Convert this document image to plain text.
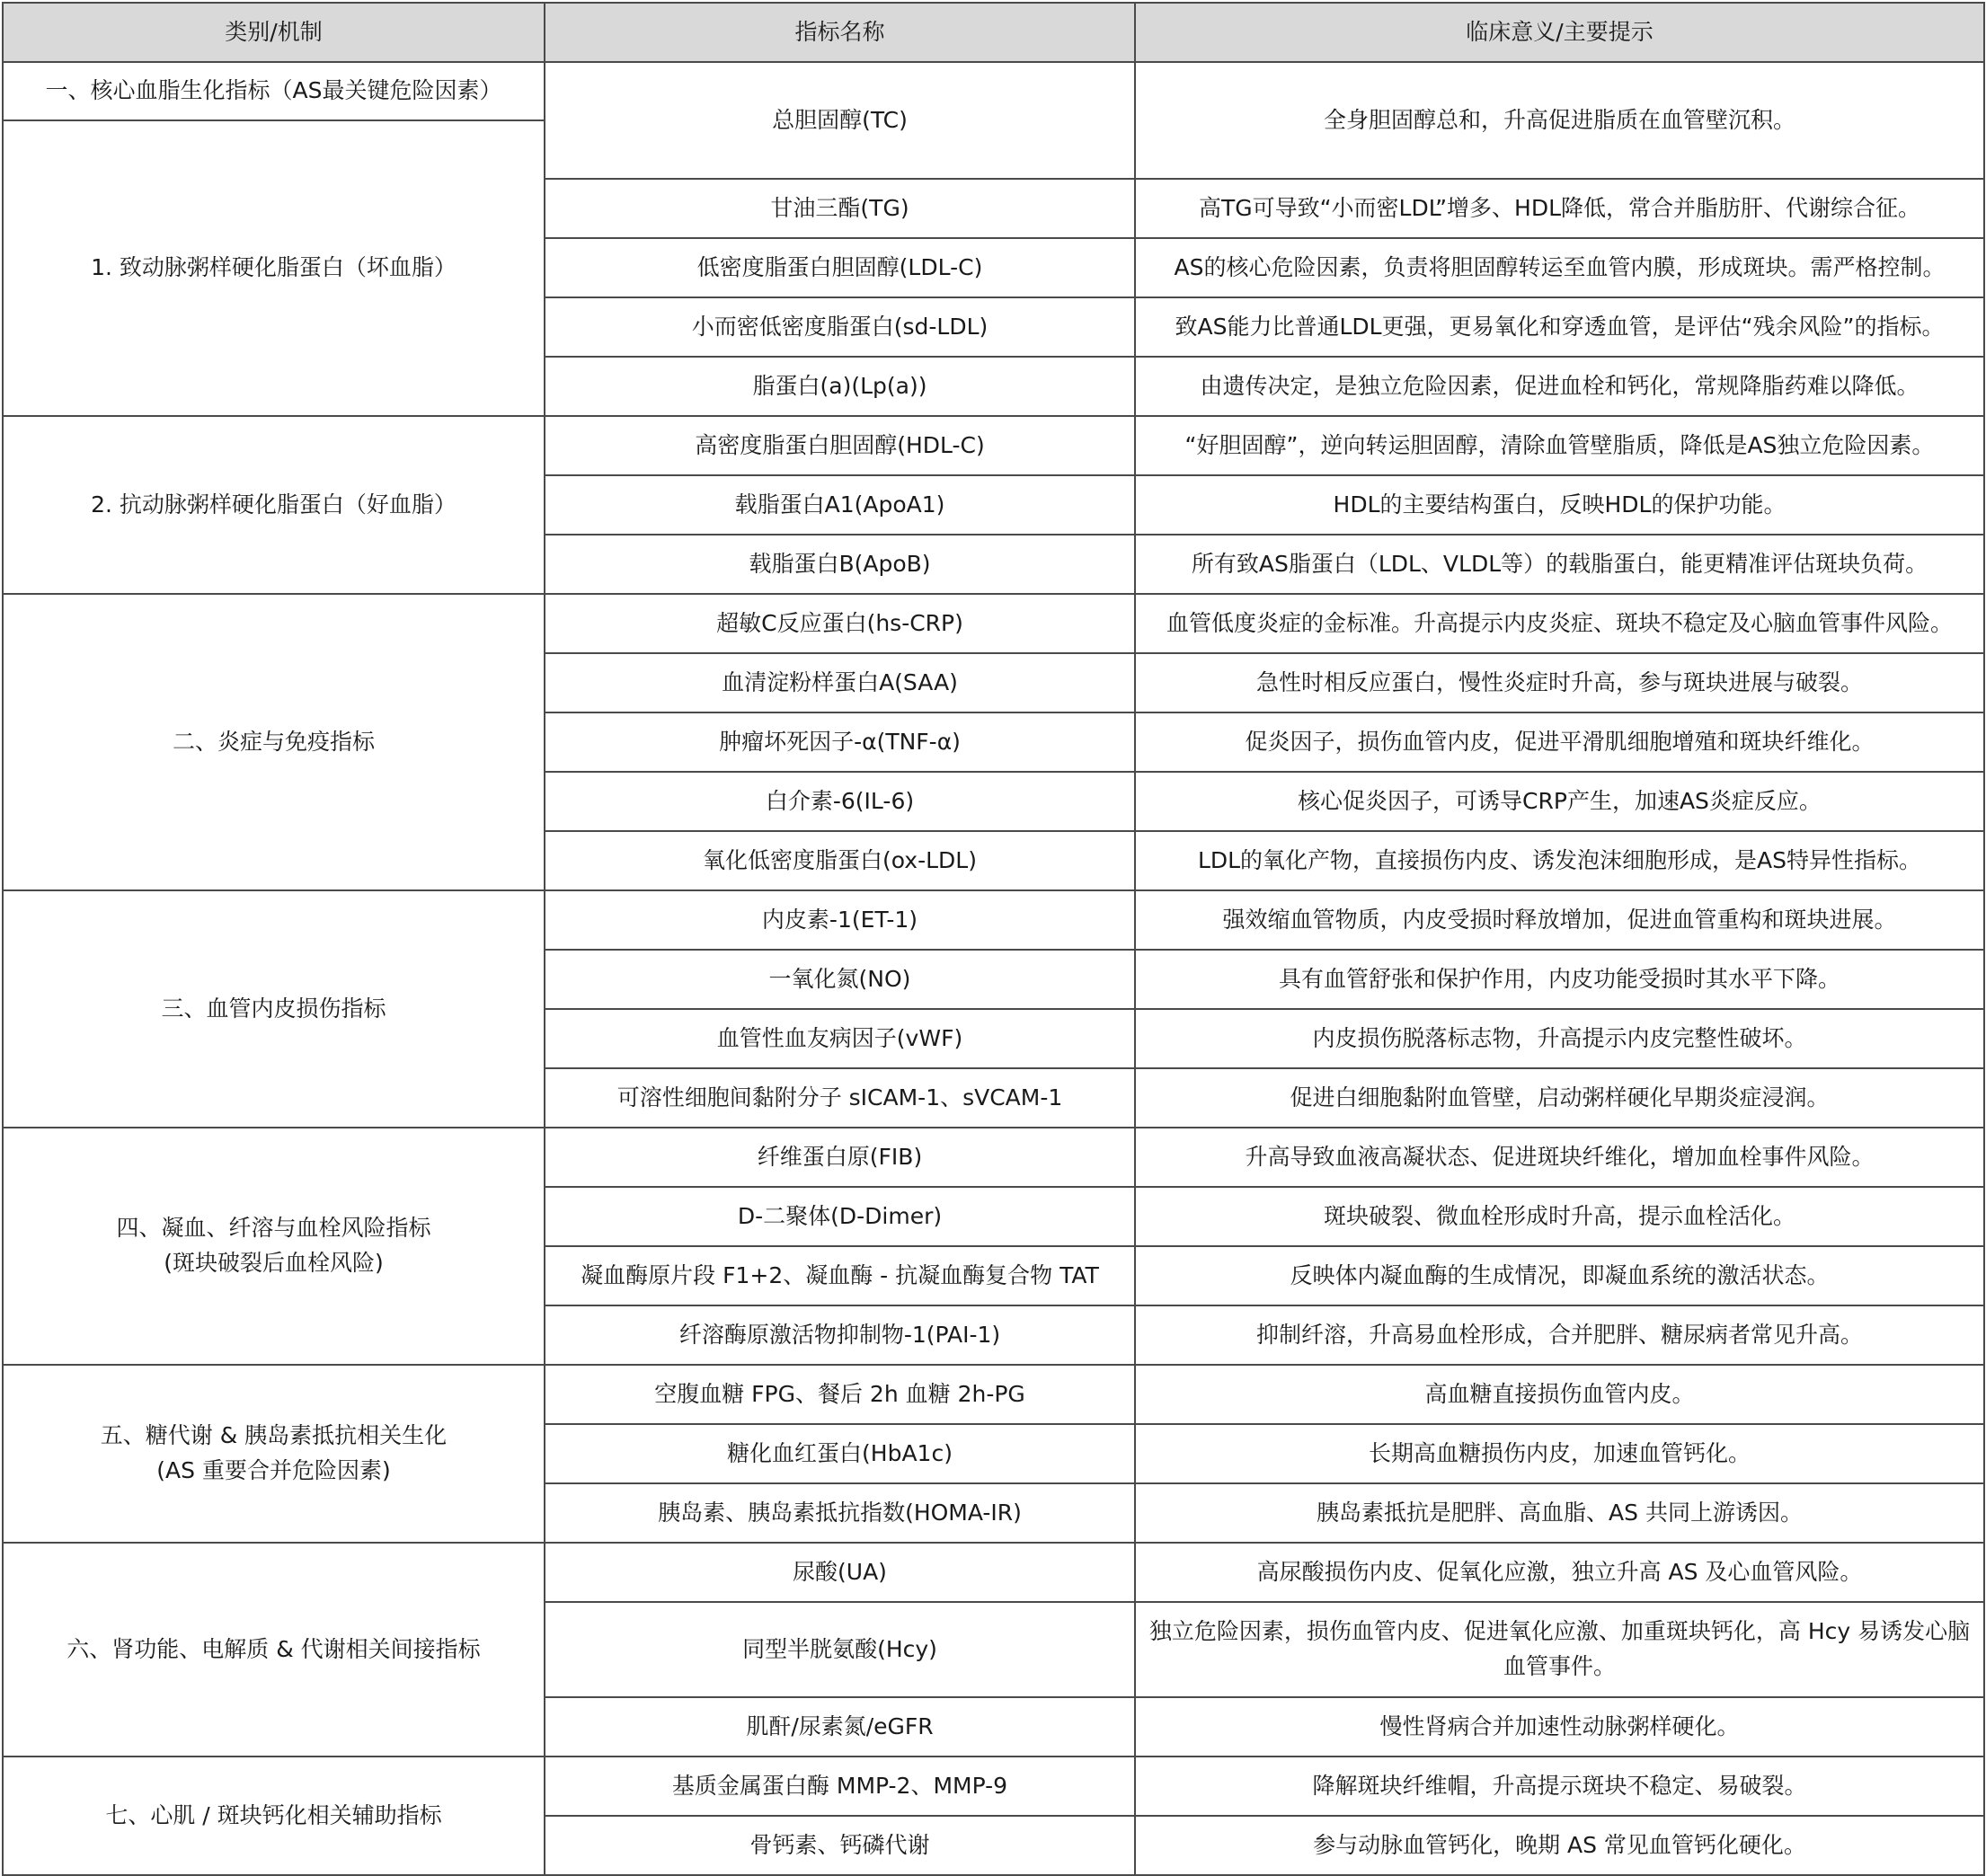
类别/机制	指标名称	临床意义/主要提示
一、核心血脂生化指标（AS最关键危险因素）	总胆固醇(TC)	全身胆固醇总和，升高促进脂质在血管壁沉积。
1. 致动脉粥样硬化脂蛋白（坏血脂）		
	甘油三酯(TG)	高TG可导致“小而密LDL”增多、HDL降低，常合并脂肪肝、代谢综合征。
	低密度脂蛋白胆固醇(LDL-C)	AS的核心危险因素，负责将胆固醇转运至血管内膜，形成斑块。需严格控制。
	小而密低密度脂蛋白(sd-LDL)	致AS能力比普通LDL更强，更易氧化和穿透血管，是评估“残余风险”的指标。
	脂蛋白(a)(Lp(a))	由遗传决定，是独立危险因素，促进血栓和钙化，常规降脂药难以降低。
2. 抗动脉粥样硬化脂蛋白（好血脂）	高密度脂蛋白胆固醇(HDL-C)	“好胆固醇”，逆向转运胆固醇，清除血管壁脂质，降低是AS独立危险因素。
	载脂蛋白A1(ApoA1)	HDL的主要结构蛋白，反映HDL的保护功能。
	载脂蛋白B(ApoB)	所有致AS脂蛋白（LDL、VLDL等）的载脂蛋白，能更精准评估斑块负荷。
二、炎症与免疫指标	超敏C反应蛋白(hs-CRP)	血管低度炎症的金标准。升高提示内皮炎症、斑块不稳定及心脑血管事件风险。
	血清淀粉样蛋白A(SAA)	急性时相反应蛋白，慢性炎症时升高，参与斑块进展与破裂。
	肿瘤坏死因子-α(TNF-α)	促炎因子，损伤血管内皮，促进平滑肌细胞增殖和斑块纤维化。
	白介素-6(IL-6)	核心促炎因子，可诱导CRP产生，加速AS炎症反应。
	氧化低密度脂蛋白(ox-LDL)	LDL的氧化产物，直接损伤内皮、诱发泡沫细胞形成，是AS特异性指标。
三、血管内皮损伤指标	内皮素-1(ET-1)	强效缩血管物质，内皮受损时释放增加，促进血管重构和斑块进展。
	一氧化氮(NO)	具有血管舒张和保护作用，内皮功能受损时其水平下降。
	血管性血友病因子(vWF)	内皮损伤脱落标志物，升高提示内皮完整性破坏。
	可溶性细胞间黏附分子 sICAM-1、sVCAM-1	促进白细胞黏附血管壁，启动粥样硬化早期炎症浸润。
四、凝血、纤溶与血栓风险指标
(斑块破裂后血栓风险)	纤维蛋白原(FIB)	升高导致血液高凝状态、促进斑块纤维化，增加血栓事件风险。
	D-二聚体(D-Dimer)	斑块破裂、微血栓形成时升高，提示血栓活化。
	凝血酶原片段 F1+2、凝血酶 - 抗凝血酶复合物 TAT	反映体内凝血酶的生成情况，即凝血系统的激活状态。
	纤溶酶原激活物抑制物-1(PAI-1)	抑制纤溶，升高易血栓形成，合并肥胖、糖尿病者常见升高。
五、糖代谢 & 胰岛素抵抗相关生化
(AS 重要合并危险因素)	空腹血糖 FPG、餐后 2h 血糖 2h-PG	高血糖直接损伤血管内皮。
	糖化血红蛋白(HbA1c)	长期高血糖损伤内皮，加速血管钙化。
	胰岛素、胰岛素抵抗指数(HOMA-IR)	胰岛素抵抗是肥胖、高血脂、AS 共同上游诱因。
六、肾功能、电解质 & 代谢相关间接指标	尿酸(UA)	高尿酸损伤内皮、促氧化应激，独立升高 AS 及心血管风险。
	同型半胱氨酸(Hcy)	独立危险因素，损伤血管内皮、促进氧化应激、加重斑块钙化，高 Hcy 易诱发心脑血管事件。
	肌酐/尿素氮/eGFR	慢性肾病合并加速性动脉粥样硬化。
七、心肌 / 斑块钙化相关辅助指标	基质金属蛋白酶 MMP-2、MMP-9	降解斑块纤维帽，升高提示斑块不稳定、易破裂。
	骨钙素、钙磷代谢	参与动脉血管钙化，晚期 AS 常见血管钙化硬化。
